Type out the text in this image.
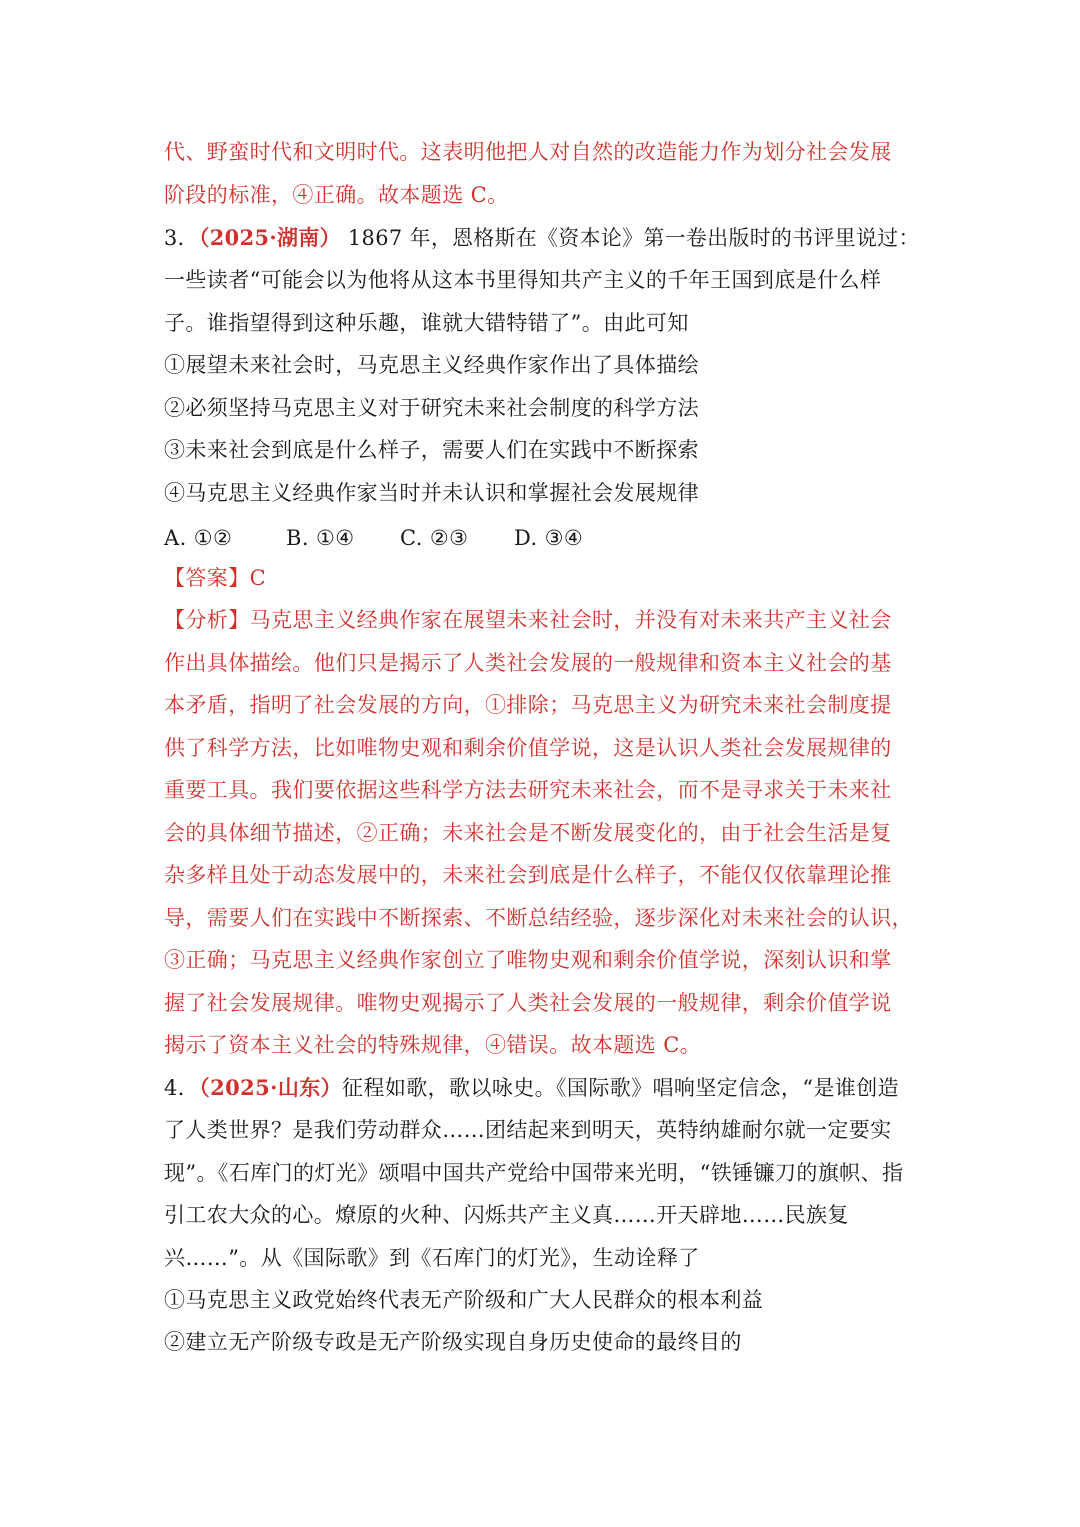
代、野蛮时代和文明时代。这表明他把人对自然的改造能力作为划分社会发展
阶段的标准，④正确。故本题选 C。
3．（2025·湖南） 1867 年，恩格斯在《资本论》第一卷出版时的书评里说过：
一些读者“可能会以为他将从这本书里得知共产主义的千年王国到底是什么样
子。谁指望得到这种乐趣，谁就大错特错了”。由此可知
①展望未来社会时，马克思主义经典作家作出了具体描绘
②必须坚持马克思主义对于研究未来社会制度的科学方法
③未来社会到底是什么样子，需要人们在实践中不断探索
④马克思主义经典作家当时并未认识和掌握社会发展规律
A. ①②	B. ①④ C. ②③ D. ③④
【答案】C
【分析】马克思主义经典作家在展望未来社会时，并没有对未来共产主义社会
作出具体描绘。他们只是揭示了人类社会发展的一般规律和资本主义社会的基
本矛盾，指明了社会发展的方向，①排除；马克思主义为研究未来社会制度提
供了科学方法，比如唯物史观和剩余价值学说，这是认识人类社会发展规律的
重要工具。我们要依据这些科学方法去研究未来社会，而不是寻求关于未来社
会的具体细节描述，②正确；未来社会是不断发展变化的，由于社会生活是复
杂多样且处于动态发展中的，未来社会到底是什么样子，不能仅仅依靠理论推
导，需要人们在实践中不断探索、不断总结经验，逐步深化对未来社会的认识，
③正确；马克思主义经典作家创立了唯物史观和剩余价值学说，深刻认识和掌
握了社会发展规律。唯物史观揭示了人类社会发展的一般规律，剩余价值学说
揭示了资本主义社会的特殊规律，④错误。故本题选 C。
4．（2025·山东）征程如歌，歌以咏史。《国际歌》唱响坚定信念，“是谁创造
了人类世界？是我们劳动群众……团结起来到明天，英特纳雄耐尔就一定要实
现”。《石库门的灯光》颂唱中国共产党给中国带来光明，“铁锤镰刀的旗帜、指
引工农大众的心。燎原的火种、闪烁共产主义真……开天辟地……民族复
兴……”。从《国际歌》到《石库门的灯光》，生动诠释了
①马克思主义政党始终代表无产阶级和广大人民群众的根本利益
②建立无产阶级专政是无产阶级实现自身历史使命的最终目的
